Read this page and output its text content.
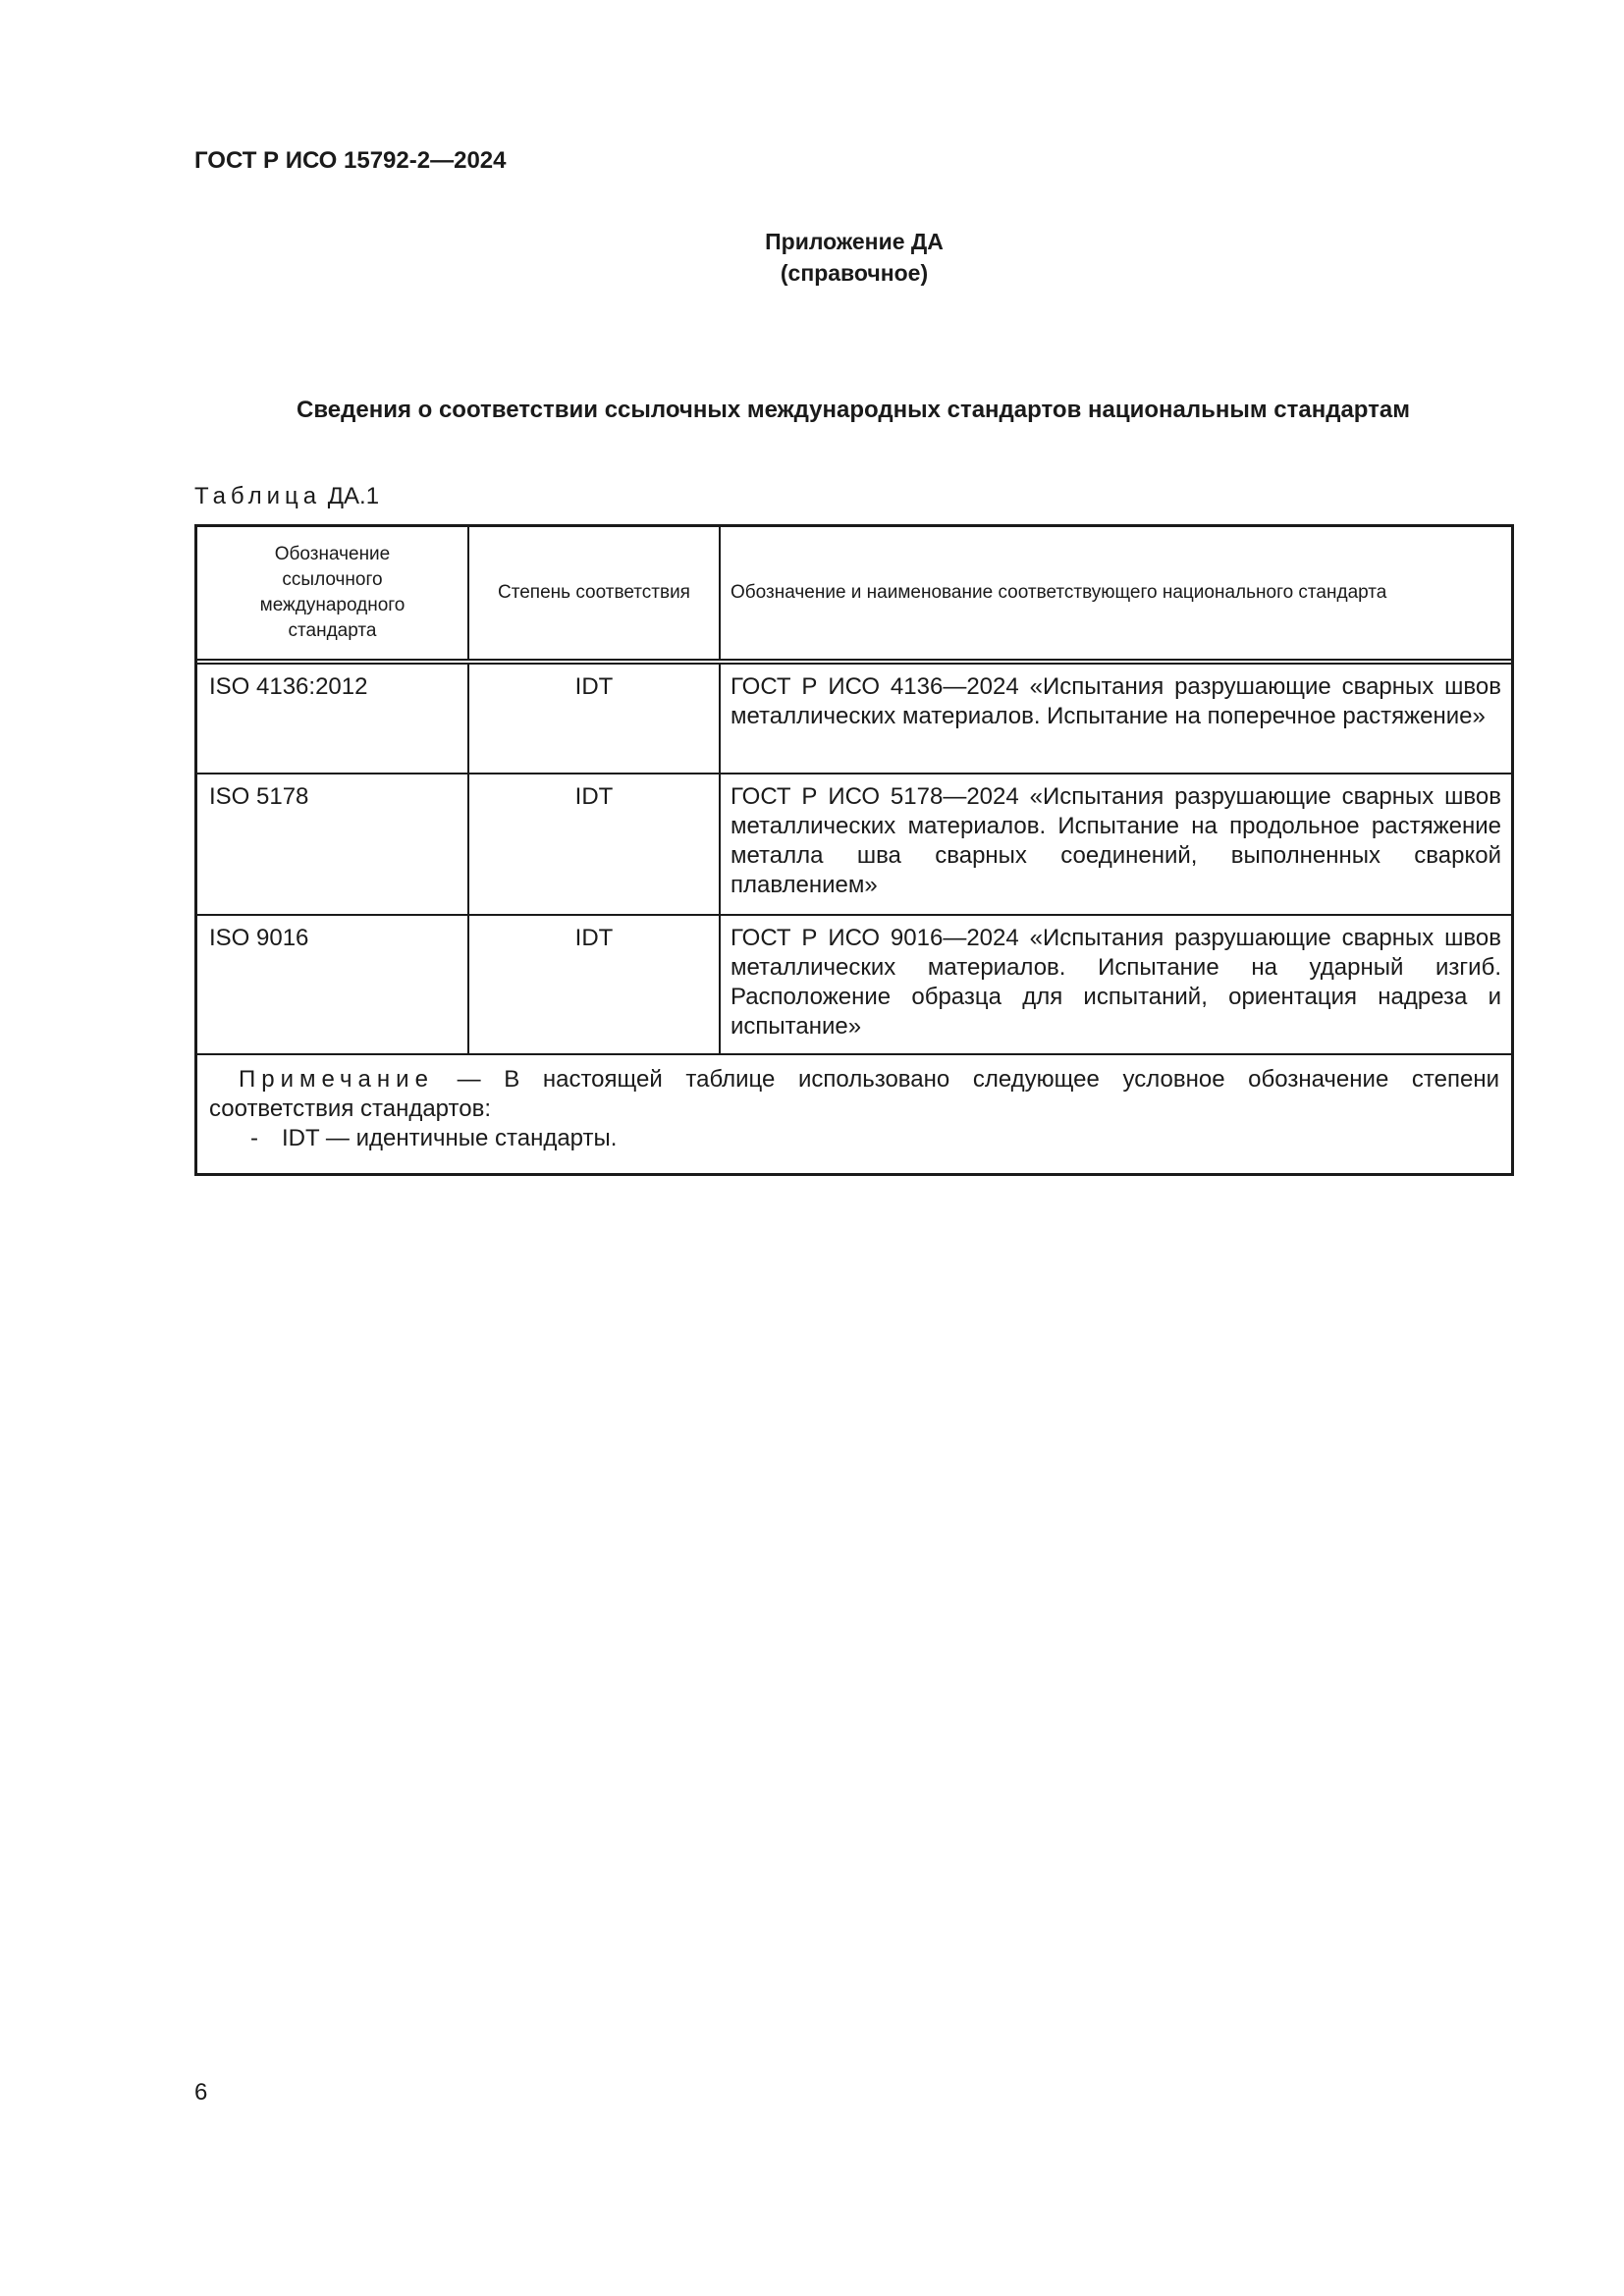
ГОСТ Р ИСО 15792-2—2024
Приложение ДА
(справочное)
Сведения о соответствии ссылочных международных стандартов национальным стандартам
Таблица ДА.1
Обозначение ссылочного международного стандарта	Степень соответствия	Обозначение и наименование соответствующего национального стандарта
ISO 4136:2012	IDT	ГОСТ Р ИСО 4136—2024 «Испытания разрушающие сварных швов металлических материалов. Испытание на поперечное растяжение»
ISO 5178	IDT	ГОСТ Р ИСО 5178—2024 «Испытания разрушающие сварных швов металлических материалов. Испытание на продольное растяжение металла шва сварных соединений, выполненных сваркой плавлением»
ISO 9016	IDT	ГОСТ Р ИСО 9016—2024 «Испытания разрушающие сварных швов металлических материалов. Испытание на ударный изгиб. Расположение образца для испытаний, ориентация надреза и испытание»
Примечание — В настоящей таблице использовано следующее условное обозначение степени соответствия стандартов:
- IDT — идентичные стандарты.		
6
